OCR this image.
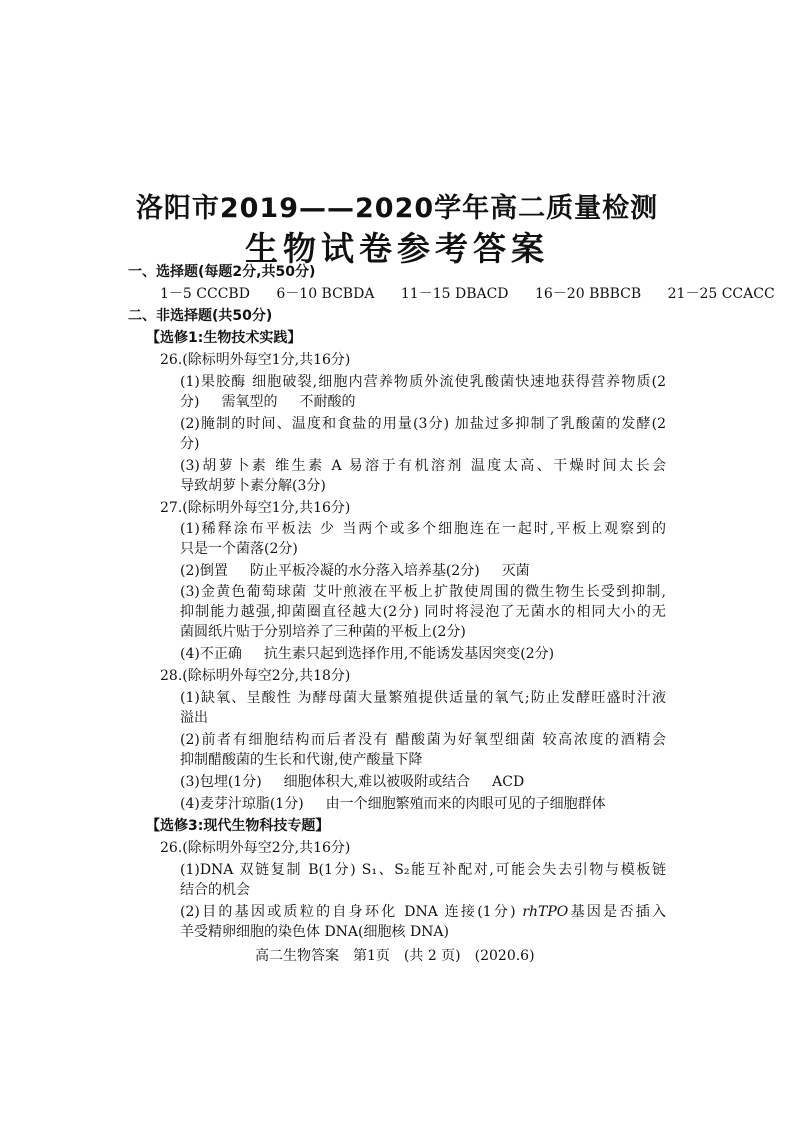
洛阳市2019——2020学年高二质量检测
生物试卷参考答案
一、选择题(每题2分,共50分)
1－5 CCCBD 6－10 BCBDA 11－15 DBACD 16－20 BBBCB 21－25 CCACC
二、非选择题(共50分)
【选修1:生物技术实践】
26.(除标明外每空1分,共16分)
(1)果胶酶 细胞破裂,细胞内营养物质外流使乳酸菌快速地获得营养物质(2
分) 需氧型的 不耐酸的
(2)腌制的时间、温度和食盐的用量(3分) 加盐过多抑制了乳酸菌的发酵(2
分)
(3)胡萝卜素 维生素 A 易溶于有机溶剂 温度太高、干燥时间太长会
导致胡萝卜素分解(3分)
27.(除标明外每空1分,共16分)
(1)稀释涂布平板法 少 当两个或多个细胞连在一起时,平板上观察到的
只是一个菌落(2分)
(2)倒置 防止平板冷凝的水分落入培养基(2分) 灭菌
(3)金黄色葡萄球菌 艾叶煎液在平板上扩散使周围的微生物生长受到抑制,
抑制能力越强,抑菌圈直径越大(2分) 同时将浸泡了无菌水的相同大小的无
菌圆纸片贴于分别培养了三种菌的平板上(2分)
(4)不正确 抗生素只起到选择作用,不能诱发基因突变(2分)
28.(除标明外每空2分,共18分)
(1)缺氧、呈酸性 为酵母菌大量繁殖提供适量的氧气;防止发酵旺盛时汁液
溢出
(2)前者有细胞结构而后者没有 醋酸菌为好氧型细菌 较高浓度的酒精会
抑制醋酸菌的生长和代谢,使产酸量下降
(3)包埋(1分) 细胞体积大,难以被吸附或结合 ACD
(4)麦芽汁琼脂(1分) 由一个细胞繁殖而来的肉眼可见的子细胞群体
【选修3:现代生物科技专题】
26.(除标明外每空2分,共16分)
(1)DNA 双链复制 B(1分) S₁、S₂能互补配对,可能会失去引物与模板链
结合的机会
(2)目的基因或质粒的自身环化 DNA 连接(1分) rhTPO基因是否插入
羊受精卵细胞的染色体 DNA(细胞核 DNA)
高二生物答案　第1页　(共 2 页)　(2020.6)
